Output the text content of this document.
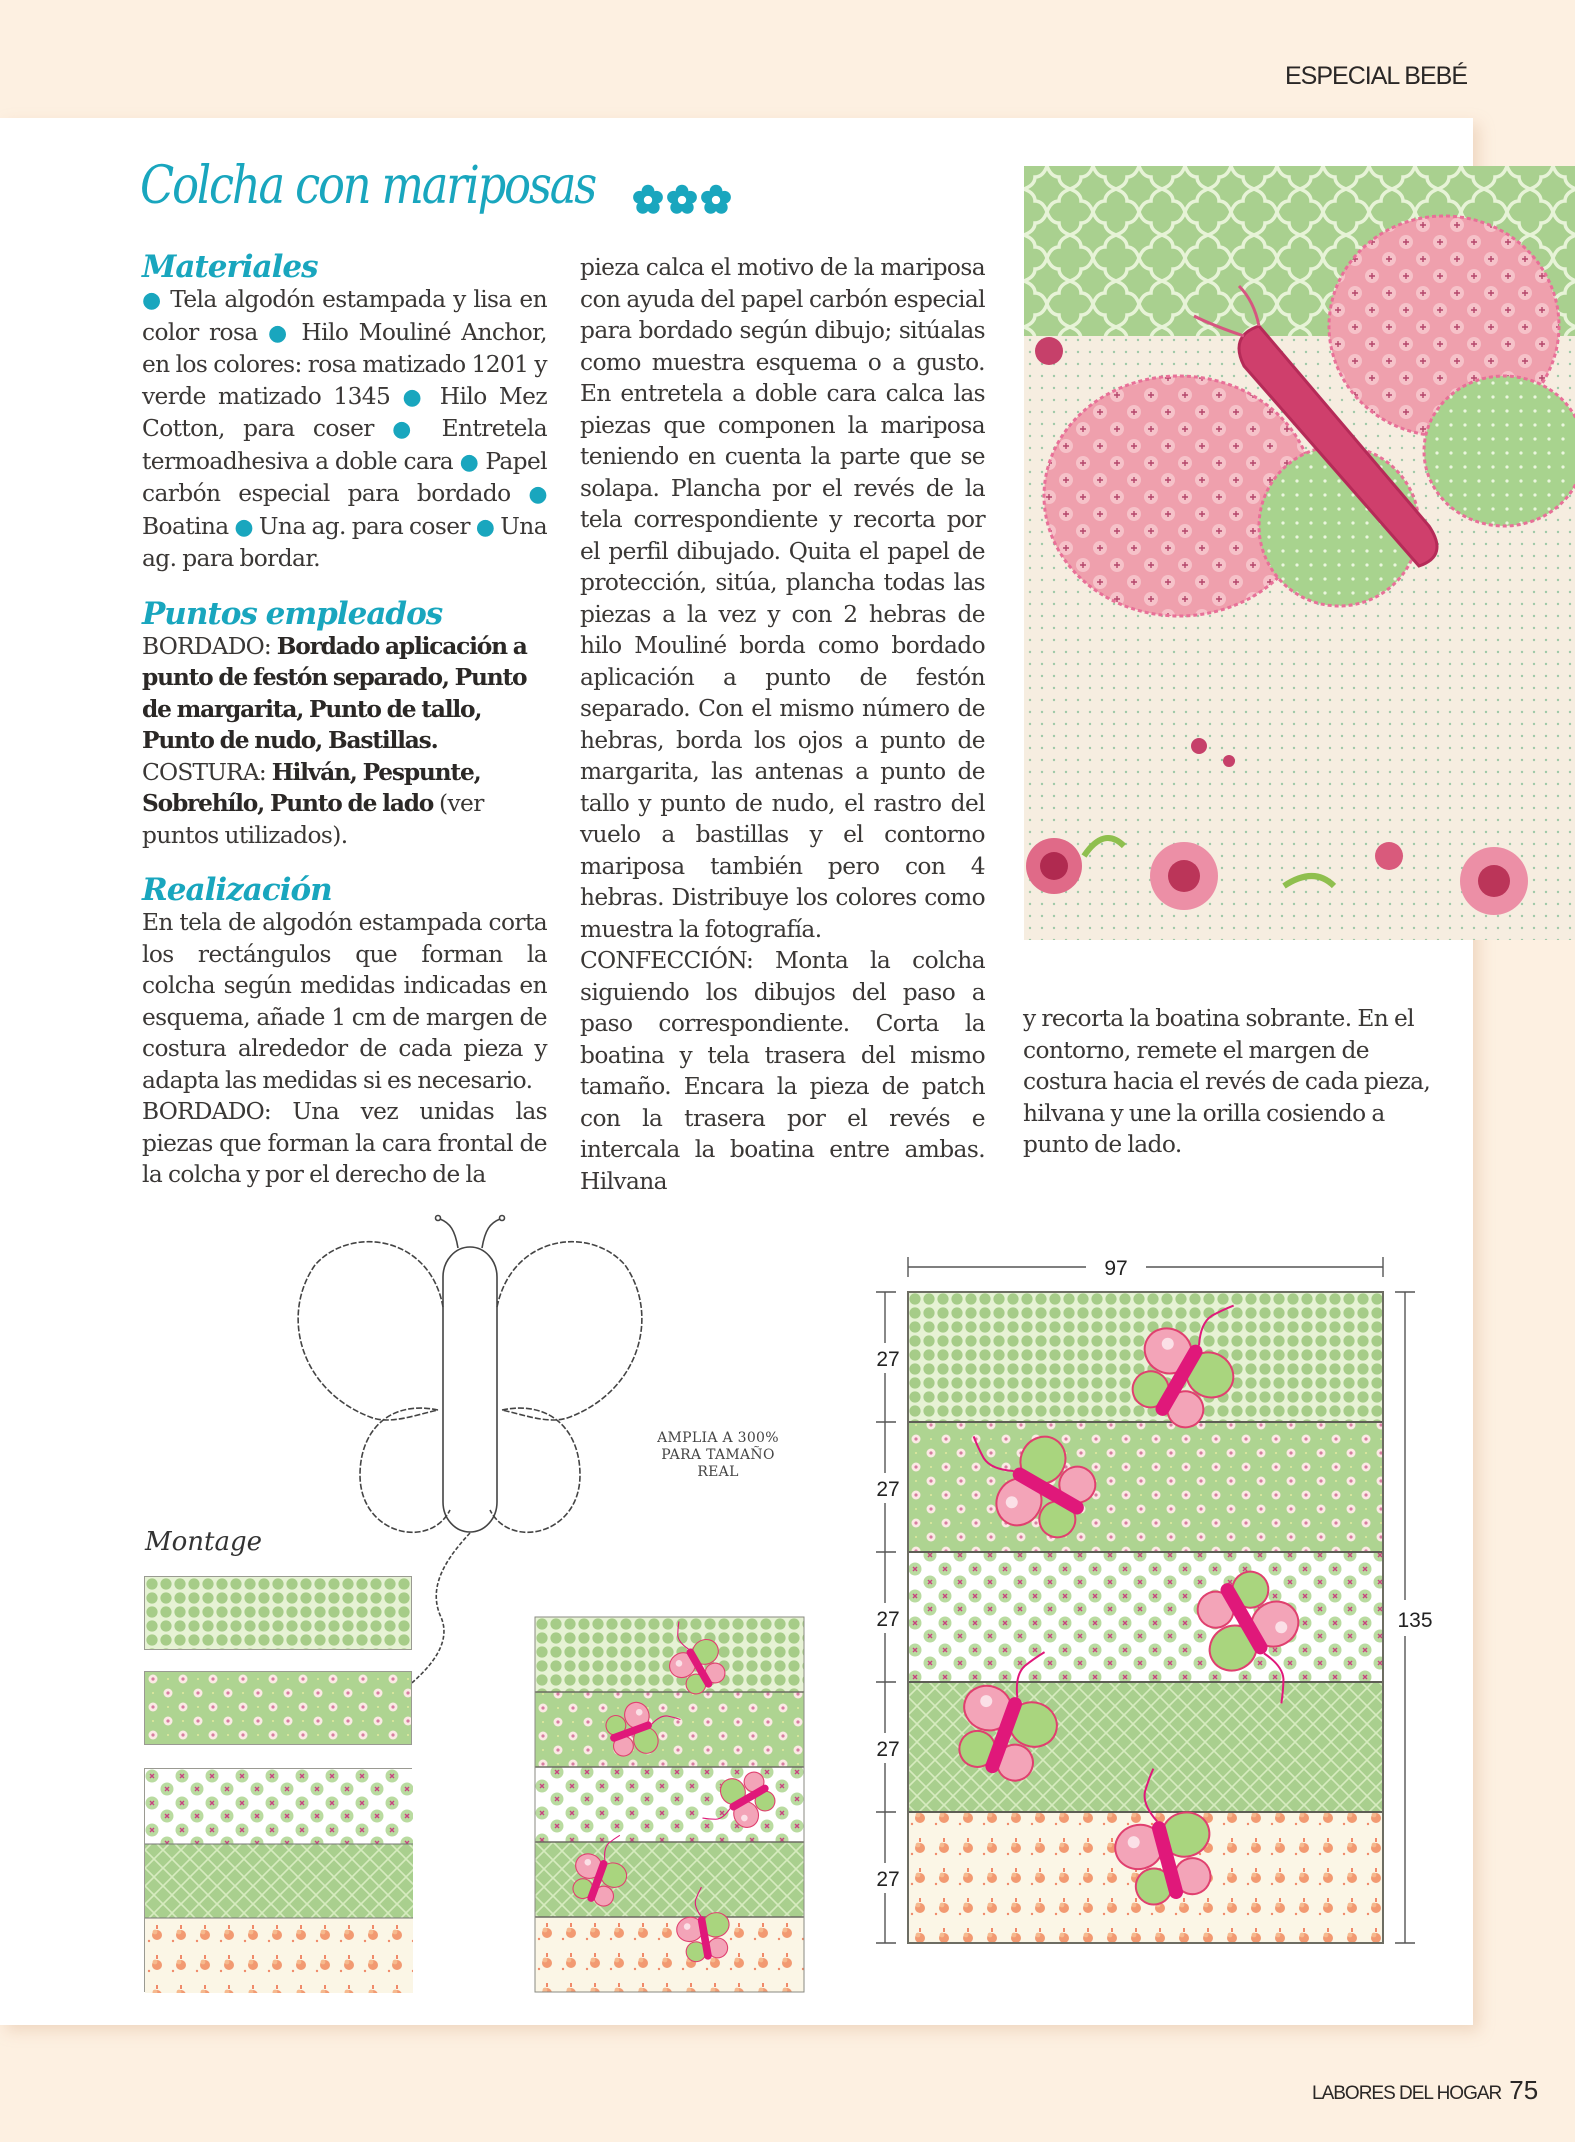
ESPECIAL BEBÉ
Colcha con mariposas
Materiales

● Tela algodón estampada y lisa en color rosa ● Hilo Mouliné Anchor, en los colores: rosa matizado 1201 y verde matizado 1345 ● Hilo Mez Cotton, para coser ● Entretela termoadhesiva a doble cara ● Papel carbón especial para bordado ● Boatina ● Una ag. para coser ● Una ag. para bordar.

Puntos empleados

BORDADO: Bordado aplicación a punto de festón separado, Punto de margarita, Punto de tallo, Punto de nudo, Bastillas. COSTURA: Hilván, Pespunte, Sobrehílo, Punto de lado (ver puntos utilizados).

Realización

En tela de algodón estampada corta los rectángulos que forman la colcha según medidas indicadas en esquema, añade 1 cm de margen de costura alrededor de cada pieza y adapta las medidas si es necesario.

BORDADO: Una vez unidas las piezas que forman la cara frontal de la colcha y por el derecho de la

pieza calca el motivo de la mariposa con ayuda del papel carbón especial para bordado según dibujo; sitúalas como muestra esquema o a gusto. En entretela a doble cara calca las piezas que componen la mariposa teniendo en cuenta la parte que se solapa. Plancha por el revés de la tela correspondiente y recorta por el perfil dibujado. Quita el papel de protección, sitúa, plancha todas las piezas a la vez y con 2 hebras de hilo Mouliné borda como bordado aplicación a punto de festón separado. Con el mismo número de hebras, borda los ojos a punto de margarita, las antenas a punto de tallo y punto de nudo, el rastro del vuelo a bastillas y el contorno mariposa también pero con 4 hebras. Distribuye los colores como muestra la fotografía.

CONFECCIÓN: Monta la colcha siguiendo los dibujos del paso a paso correspondiente. Corta la boatina y tela trasera del mismo tamaño. Encara la pieza de patch con la trasera por el revés e intercala la boatina entre ambas. Hilvana

y recorta la boatina sobrante. En el contorno, remete el margen de costura hacia el revés de cada pieza, hilvana y une la orilla cosiendo a punto de lado.

AMPLIA A 300%
PARA TAMAÑO
REAL
Montage
97
27
27
27
27
27
135
LABORES DEL HOGAR 75
